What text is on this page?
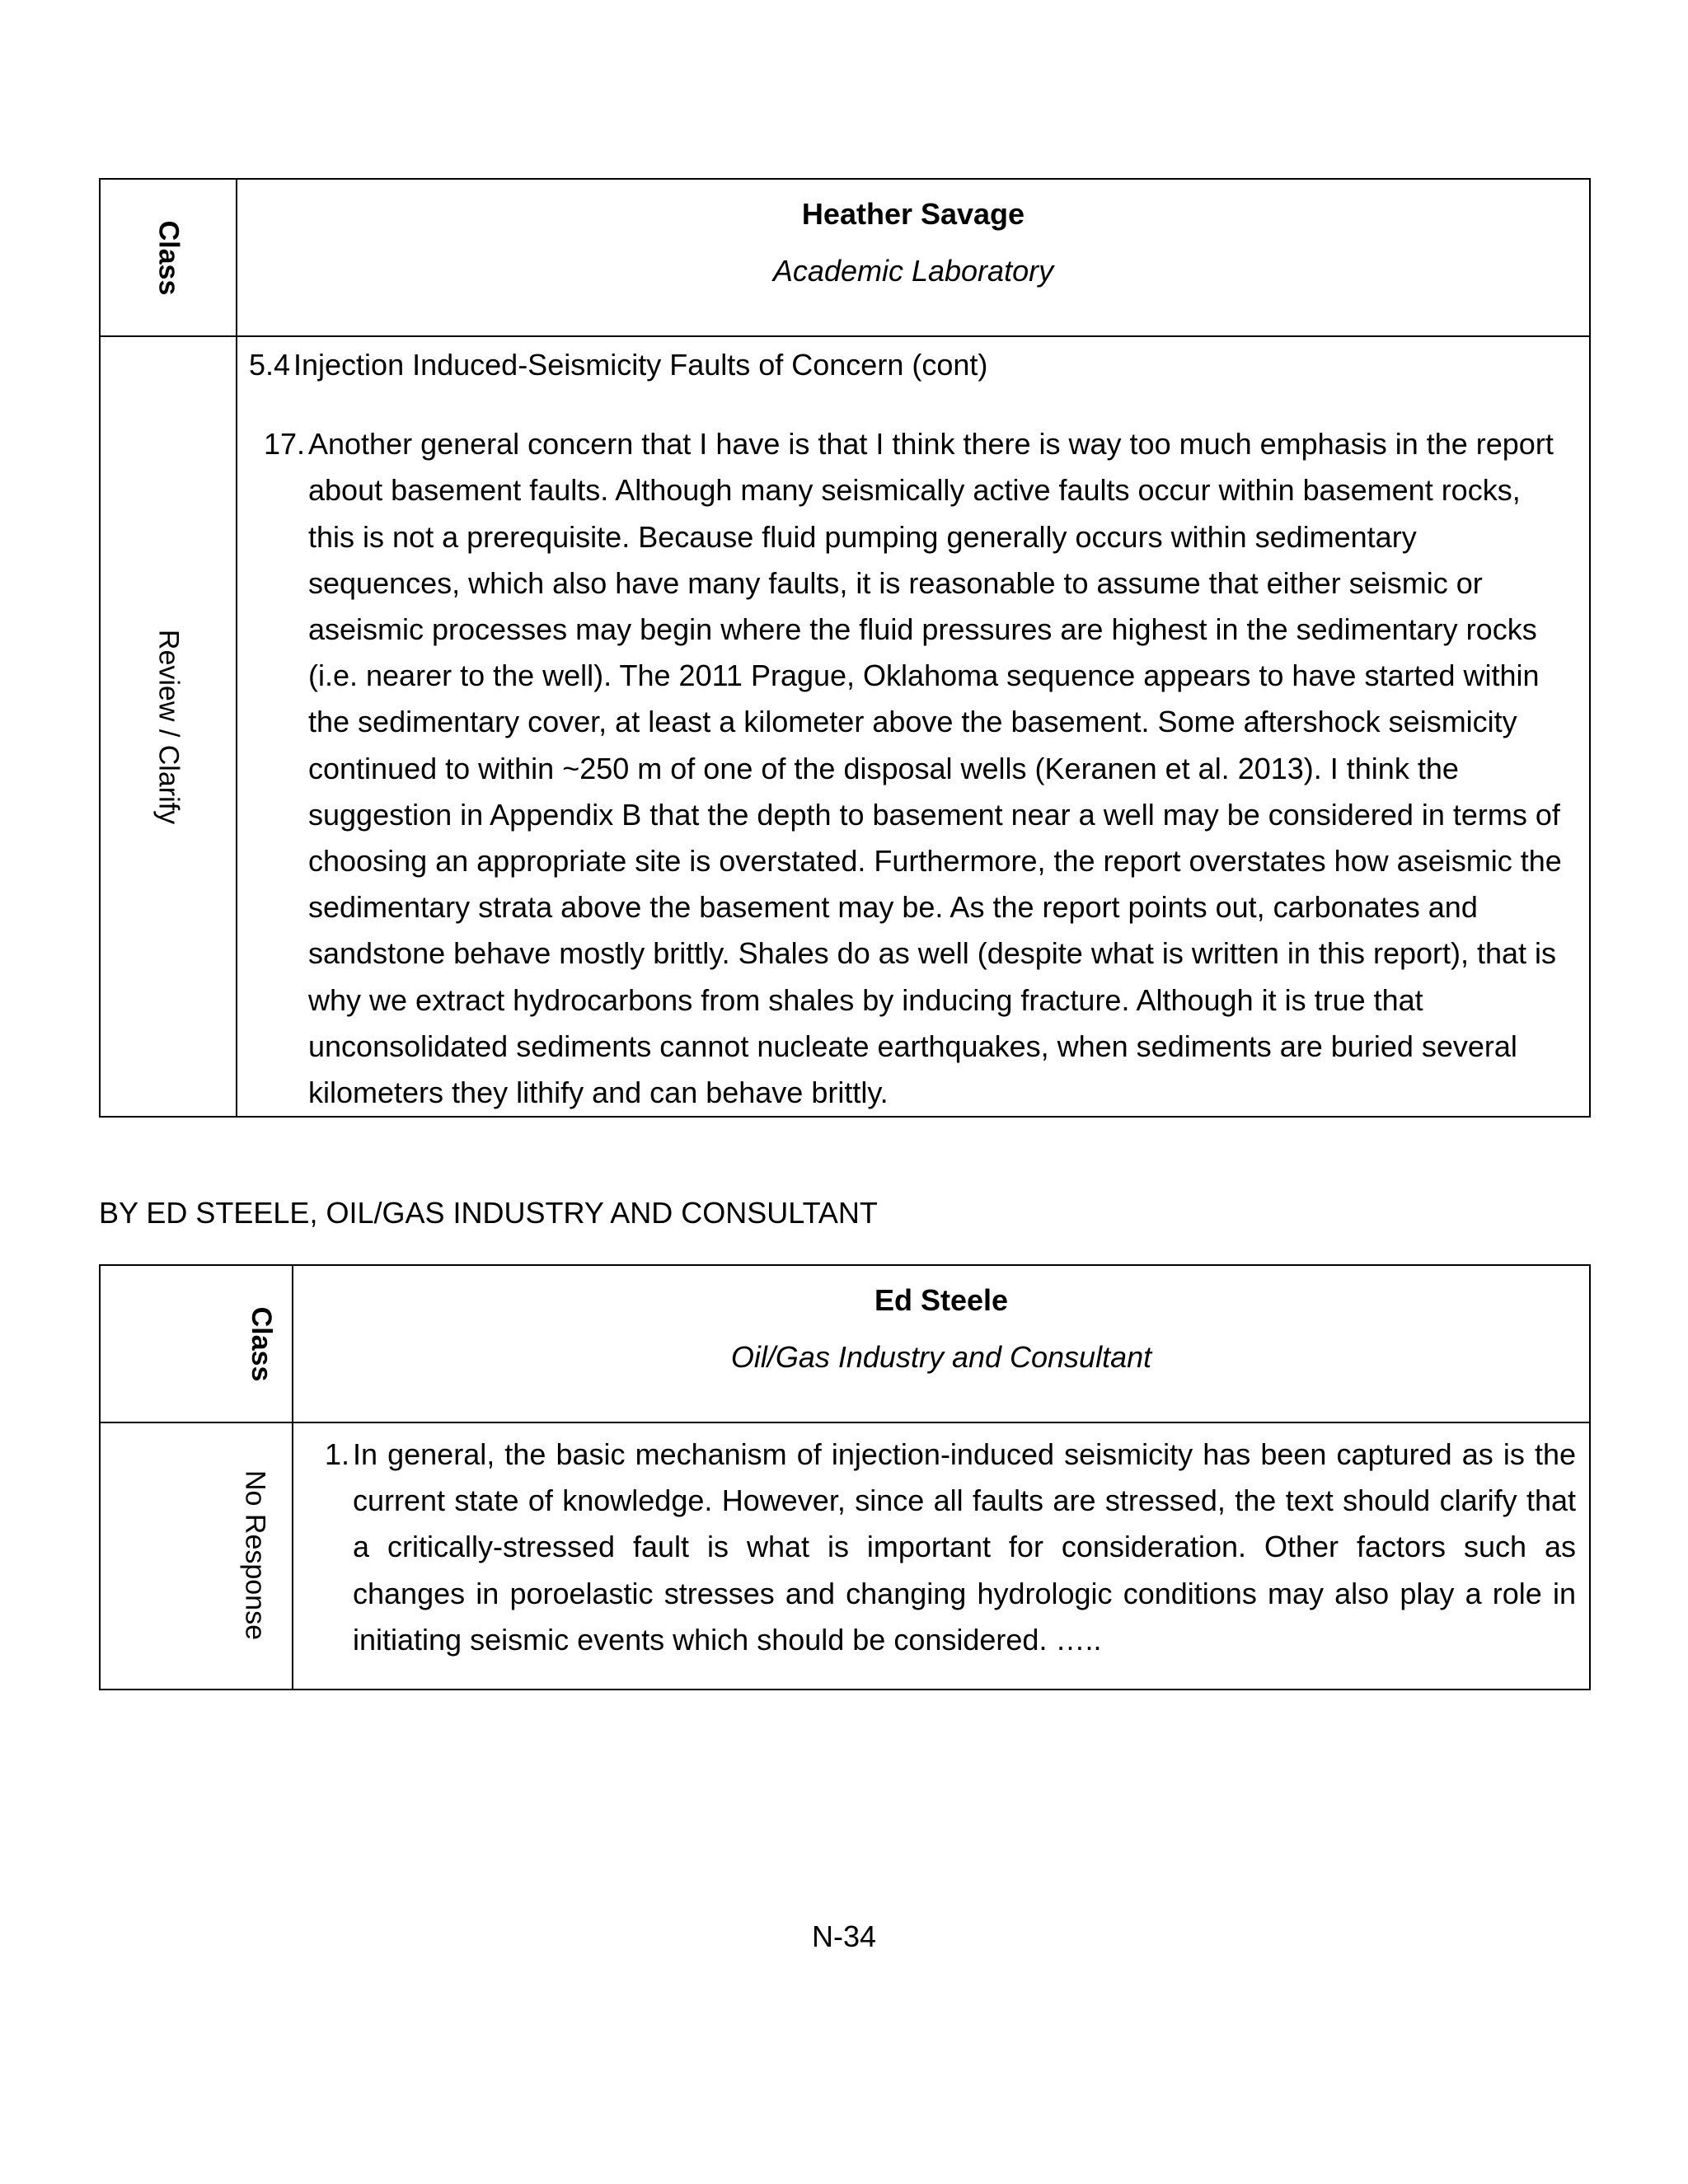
Class	Heather Savage
Academic Laboratory

Review / Clarify	5.4 Injection Induced-Seismicity Faults of Concern (cont)
17. Another general concern that I have is that I think there is way too much emphasis in the report about basement faults. Although many seismically active faults occur within basement rocks, this is not a prerequisite. Because fluid pumping generally occurs within sedimentary sequences, which also have many faults, it is reasonable to assume that either seismic or aseismic processes may begin where the fluid pressures are highest in the sedimentary rocks (i.e. nearer to the well). The 2011 Prague, Oklahoma sequence appears to have started within the sedimentary cover, at least a kilometer above the basement. Some aftershock seismicity continued to within ~250 m of one of the disposal wells (Keranen et al. 2013). I think the suggestion in Appendix B that the depth to basement near a well may be considered in terms of choosing an appropriate site is overstated. Furthermore, the report overstates how aseismic the sedimentary strata above the basement may be. As the report points out, carbonates and sandstone behave mostly brittly. Shales do as well (despite what is written in this report), that is why we extract hydrocarbons from shales by inducing fracture. Although it is true that unconsolidated sediments cannot nucleate earthquakes, when sediments are buried several kilometers they lithify and can behave brittly.
BY ED STEELE, OIL/GAS INDUSTRY AND CONSULTANT
Class	Ed Steele
Oil/Gas Industry and Consultant

No Response	1. In general, the basic mechanism of injection-induced seismicity has been captured as is the current state of knowledge. However, since all faults are stressed, the text should clarify that a critically-stressed fault is what is important for consideration. Other factors such as changes in poroelastic stresses and changing hydrologic conditions may also play a role in initiating seismic events which should be considered. …..
N-34
